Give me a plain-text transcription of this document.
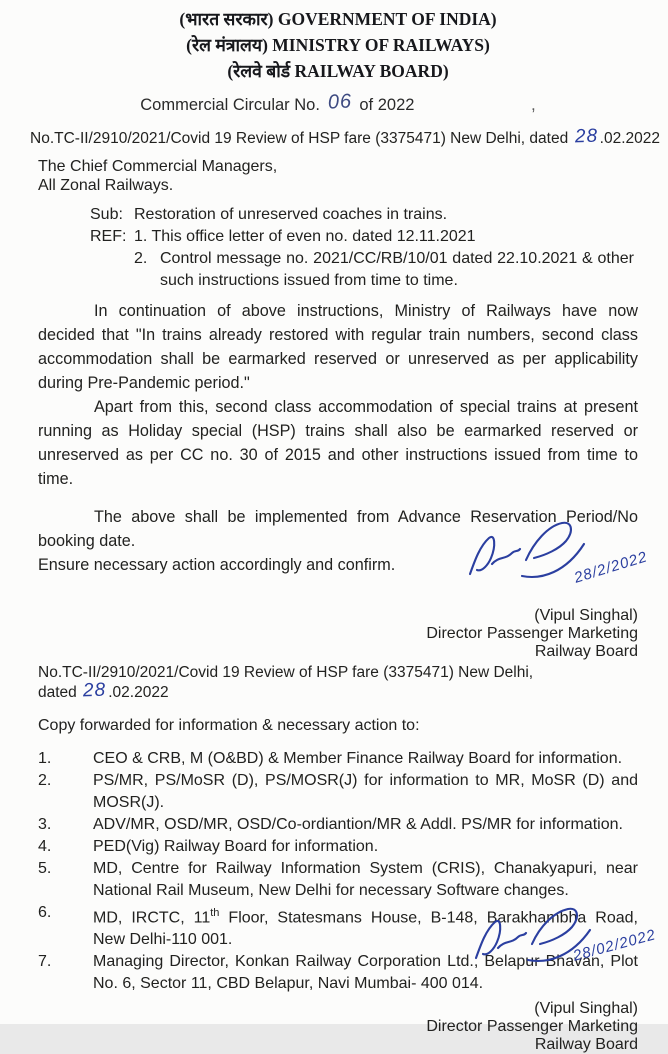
(भारत सरकार) GOVERNMENT OF INDIA)
(रेल मंत्रालय) MINISTRY OF RAILWAYS)
(रेलवे बोर्ड RAILWAY BOARD)
Commercial Circular No. 06 of 2022	,
No.TC-II/2910/2021/Covid 19 Review of HSP fare (3375471) New Delhi, dated 28 .02.2022
The Chief Commercial Managers,
All Zonal Railways.
Sub: Restoration of unreserved coaches in trains.
REF: 1. This office letter of even no. dated 12.11.2021
2. Control message no. 2021/CC/RB/10/01 dated 22.10.2021 & other such instructions issued from time to time.

In continuation of above instructions, Ministry of Railways have now decided that "In trains already restored with regular train numbers, second class accommodation shall be earmarked reserved or unreserved as per applicability during Pre-Pandemic period."

Apart from this, second class accommodation of special trains at present running as Holiday special (HSP) trains shall also be earmarked reserved or unreserved as per CC no. 30 of 2015 and other instructions issued from time to time.

The above shall be implemented from Advance Reservation Period/No booking date.

Ensure necessary action accordingly and confirm.	28/2/2022
(Vipul Singhal)
Director Passenger Marketing
Railway Board
No.TC-II/2910/2021/Covid 19 Review of HSP fare (3375471) New Delhi,
dated 28 .02.2022
Copy forwarded for information & necessary action to:
1.	CEO & CRB, M (O&BD) & Member Finance Railway Board for information.
2.	PS/MR, PS/MoSR (D), PS/MOSR(J) for information to MR, MoSR (D) and MOSR(J).
3.	ADV/MR, OSD/MR, OSD/Co-ordiantion/MR & Addl. PS/MR for information.
4.	PED(Vig) Railway Board for information.
5.	MD, Centre for Railway Information System (CRIS), Chanakyapuri, near National Rail Museum, New Delhi for necessary Software changes.
6.	MD, IRCTC, 11th Floor, Statesmans House, B-148, Barakhambha Road, New Delhi-110 001.
7.	Managing Director, Konkan Railway Corporation Ltd., Belapur Bhavan, Plot No. 6, Sector 11, CBD Belapur, Navi Mumbai- 400 014.
28/02/2022
(Vipul Singhal)
Director Passenger Marketing
Railway Board
